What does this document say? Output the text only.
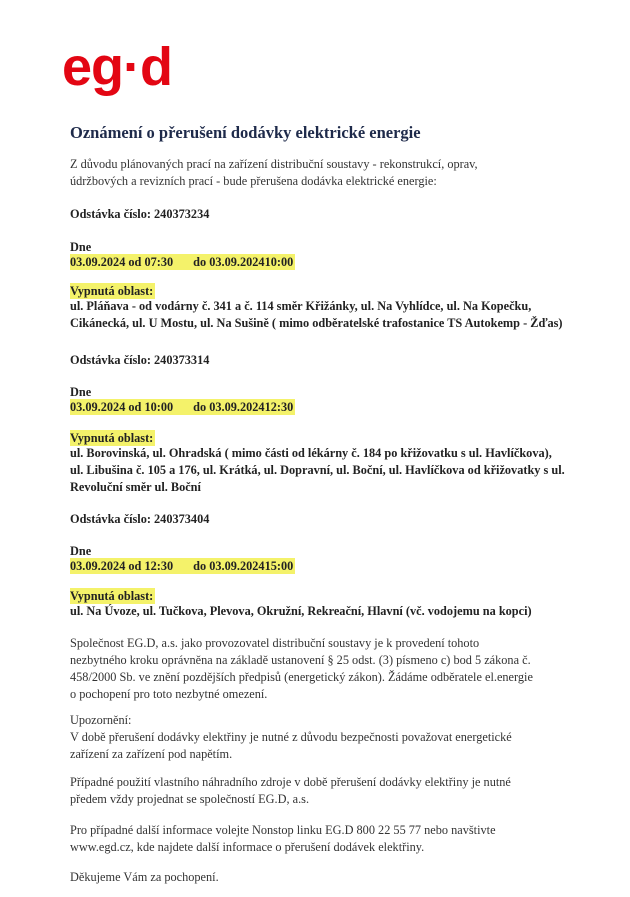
eg·d
Oznámení o přerušení dodávky elektrické energie
Z důvodu plánovaných prací na zařízení distribuční soustavy - rekonstrukcí, oprav,
údržbových a revizních prací - bude přerušena dodávka elektrické energie:
Odstávka číslo: 240373234
Dne
03.09.2024 od 07:30 do 03.09.202410:00
Vypnutá oblast:
ul. Pláňava - od vodárny č. 341 a č. 114 směr Křižánky, ul. Na Vyhlídce, ul. Na Kopečku,
Cikánecká, ul. U Mostu, ul. Na Sušině ( mimo odběratelské trafostanice TS Autokemp - Žďas)
Odstávka číslo: 240373314
Dne
03.09.2024 od 10:00 do 03.09.202412:30
Vypnutá oblast:
ul. Borovinská, ul. Ohradská ( mimo části od lékárny č. 184 po křižovatku s ul. Havlíčkova),
ul. Libušina č. 105 a 176, ul. Krátká, ul. Dopravní, ul. Boční, ul. Havlíčkova od křižovatky s ul.
Revoluční směr ul. Boční
Odstávka číslo: 240373404
Dne
03.09.2024 od 12:30 do 03.09.202415:00
Vypnutá oblast:
ul. Na Úvoze, ul. Tučkova, Plevova, Okružní, Rekreační, Hlavní (vč. vodojemu na kopci)
Společnost EG.D, a.s. jako provozovatel distribuční soustavy je k provedení tohoto
nezbytného kroku oprávněna na základě ustanovení § 25 odst. (3) písmeno c) bod 5 zákona č.
458/2000 Sb. ve znění pozdějších předpisů (energetický zákon). Žádáme odběratele el.energie
o pochopení pro toto nezbytné omezení.
Upozornění:
V době přerušení dodávky elektřiny je nutné z důvodu bezpečnosti považovat energetické
zařízení za zařízení pod napětím.
Případné použití vlastního náhradního zdroje v době přerušení dodávky elektřiny je nutné
předem vždy projednat se společností EG.D, a.s.
Pro případné další informace volejte Nonstop linku EG.D 800 22 55 77 nebo navštivte
www.egd.cz, kde najdete další informace o přerušení dodávek elektřiny.
Děkujeme Vám za pochopení.
